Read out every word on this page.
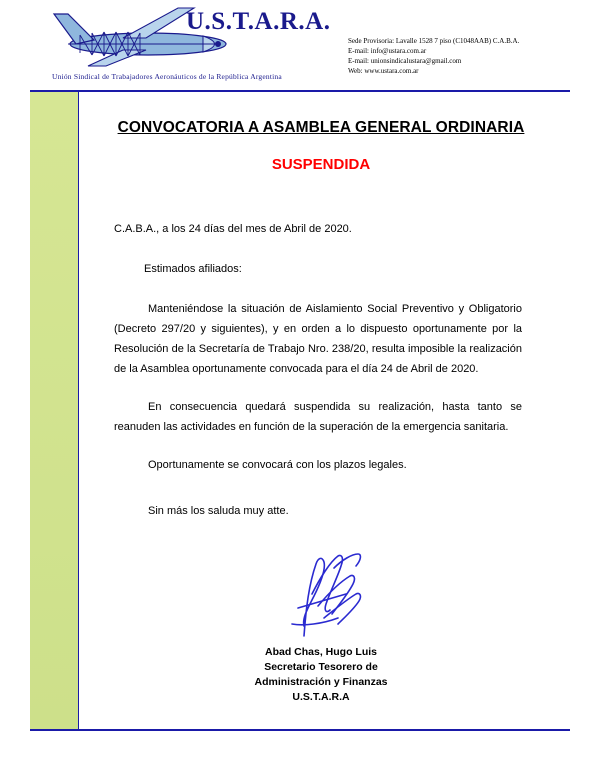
U.S.T.A.R.A.
Unión Sindical de Trabajadores Aeronáuticos de la República Argentina
Sede Provisoria: Lavalle 1528 7 piso (C1048AAB) C.A.B.A.
E-mail: info@ustara.com.ar
E-mail: unionsindicalustara@gmail.com
Web: www.ustara.com.ar
CONVOCATORIA A ASAMBLEA GENERAL ORDINARIA
SUSPENDIDA
C.A.B.A., a los 24 días del mes de Abril de 2020.
Estimados afiliados:

Manteniéndose la situación de Aislamiento Social Preventivo y Obligatorio (Decreto 297/20 y siguientes), y en orden a lo dispuesto oportunamente por la Resolución de la Secretaría de Trabajo Nro. 238/20, resulta imposible la realización de la Asamblea oportunamente convocada para el día 24 de Abril de 2020.

En consecuencia quedará suspendida su realización, hasta tanto se reanuden las actividades en función de la superación de la emergencia sanitaria.

Oportunamente se convocará con los plazos legales.

Sin más los saluda muy atte.
Abad Chas, Hugo Luis
Secretario Tesorero de
Administración y Finanzas
U.S.T.A.R.A
